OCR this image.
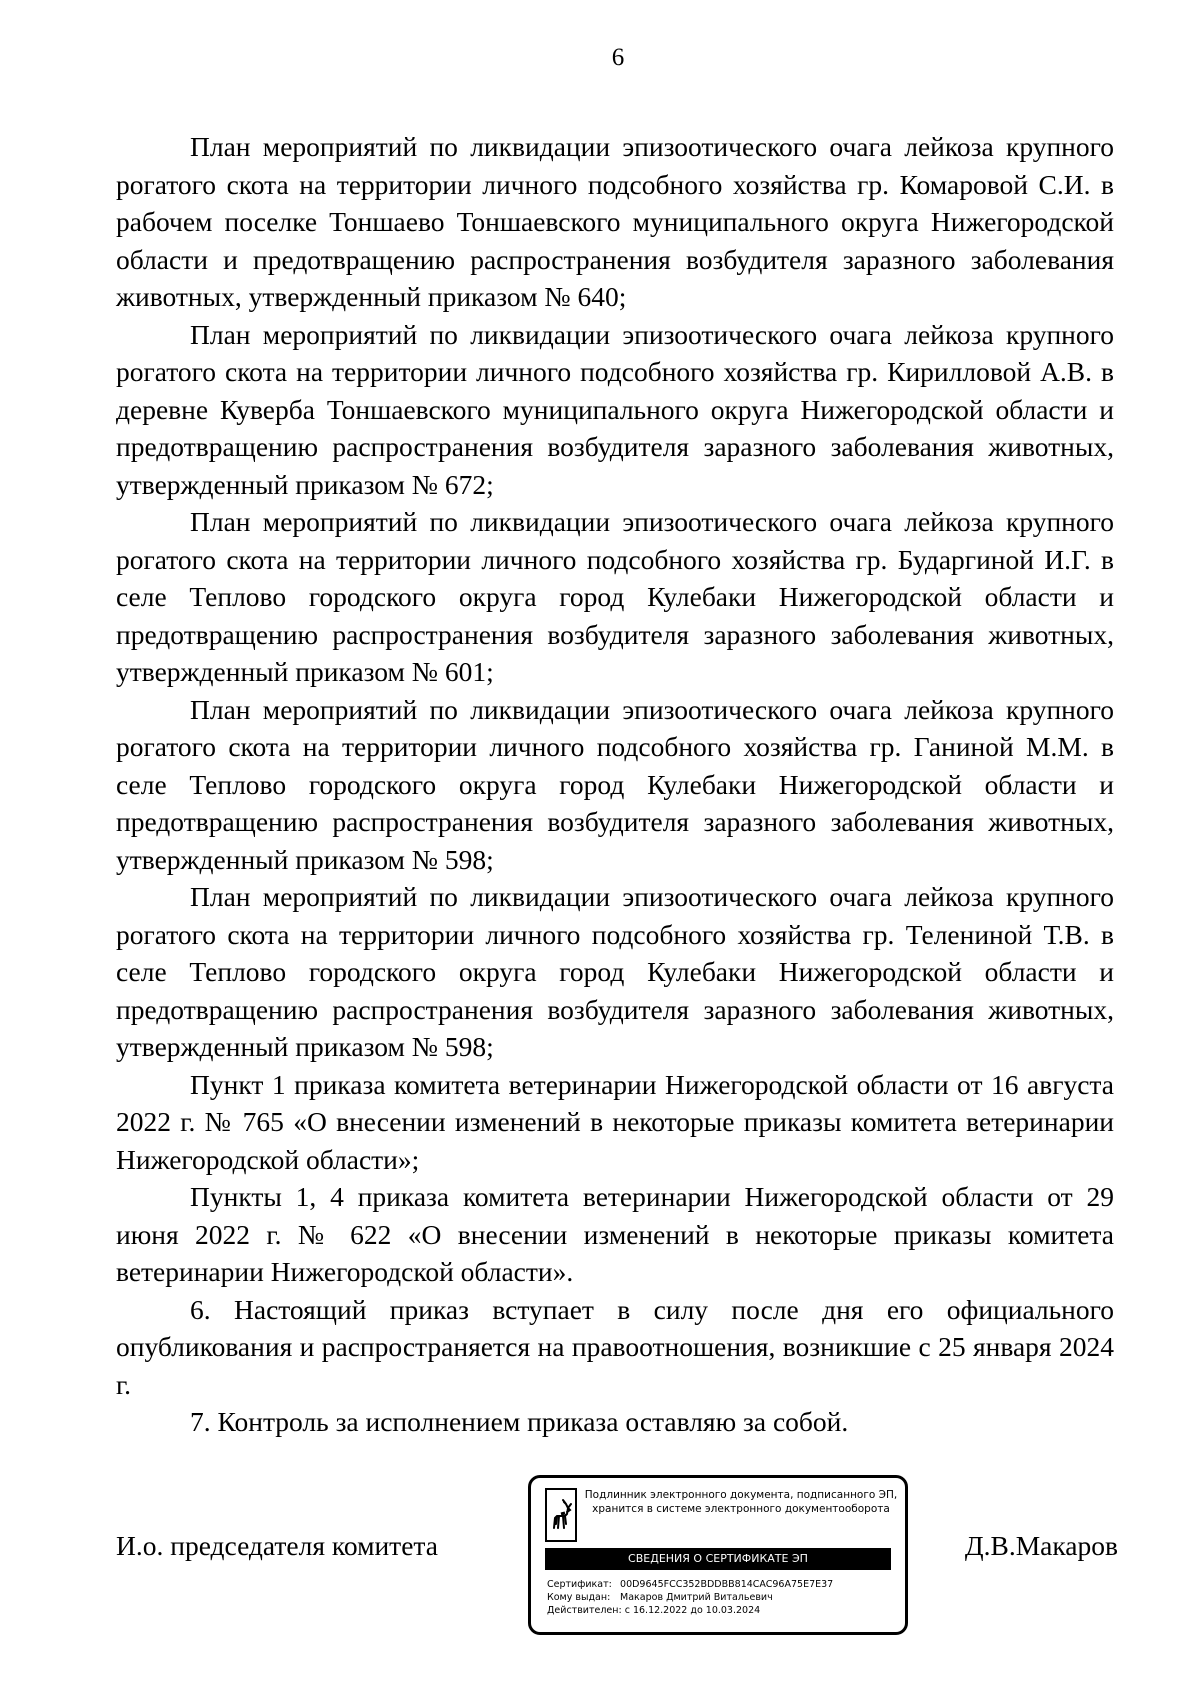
6

План мероприятий по ликвидации эпизоотического очага лейкоза крупного рогатого скота на территории личного подсобного хозяйства гр. Комаровой С.И. в рабочем поселке Тоншаево Тоншаевского муниципального округа Нижегородской области и предотвращению распространения возбудителя заразного заболевания животных, утвержденный приказом № 640;

План мероприятий по ликвидации эпизоотического очага лейкоза крупного рогатого скота на территории личного подсобного хозяйства гр. Кирилловой А.В. в деревне Куверба Тоншаевского муниципального округа Нижегородской области и предотвращению распространения возбудителя заразного заболевания животных, утвержденный приказом № 672;

План мероприятий по ликвидации эпизоотического очага лейкоза крупного рогатого скота на территории личного подсобного хозяйства гр. Бударгиной И.Г. в селе Теплово городского округа город Кулебаки Нижегородской области и предотвращению распространения возбудителя заразного заболевания животных, утвержденный приказом № 601;

План мероприятий по ликвидации эпизоотического очага лейкоза крупного рогатого скота на территории личного подсобного хозяйства гр. Ганиной М.М. в селе Теплово городского округа город Кулебаки Нижегородской области и предотвращению распространения возбудителя заразного заболевания животных, утвержденный приказом № 598;

План мероприятий по ликвидации эпизоотического очага лейкоза крупного рогатого скота на территории личного подсобного хозяйства гр. Телениной Т.В. в селе Теплово городского округа город Кулебаки Нижегородской области и предотвращению распространения возбудителя заразного заболевания животных, утвержденный приказом № 598;

Пункт 1 приказа комитета ветеринарии Нижегородской области от 16 августа 2022 г. № 765 «О внесении изменений в некоторые приказы комитета ветеринарии Нижегородской области»;

Пункты 1, 4 приказа комитета ветеринарии Нижегородской области от 29 июня 2022 г. № 622 «О внесении изменений в некоторые приказы комитета ветеринарии Нижегородской области».

6. Настоящий приказ вступает в силу после дня его официального опубликования и распространяется на правоотношения, возникшие с 25 января 2024 г.

7. Контроль за исполнением приказа оставляю за собой.

И.о. председателя комитета
Подлинник электронного документа, подписанного ЭП,
хранится в системе электронного документооборота
СВЕДЕНИЯ О СЕРТИФИКАТЕ ЭП
Сертификат: 00D9645FCC352BDDBB814CAC96A75E7E37
Кому выдан: Макаров Дмитрий Витальевич
Действителен: с 16.12.2022 до 10.03.2024
Д.В.Макаров
